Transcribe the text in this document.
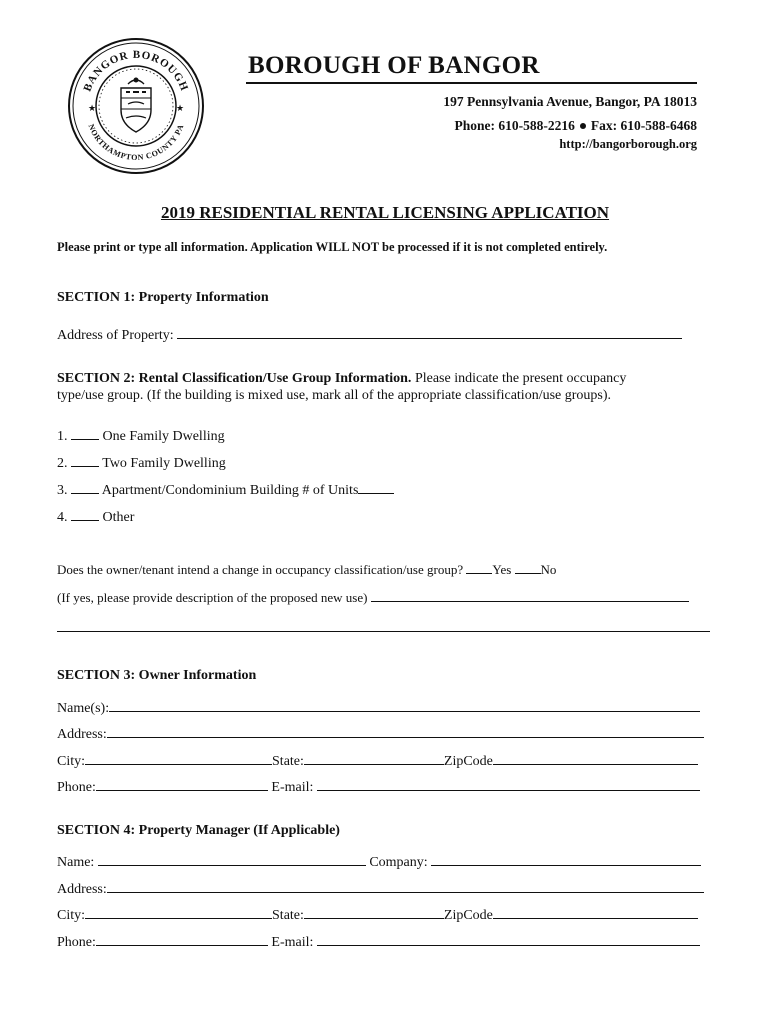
BANGOR BOROUGH
NORTHAMPTON COUNTY PA
★	★
BOROUGH OF BANGOR
197 Pennsylvania Avenue, Bangor, PA 18013
Phone: 610-588-2216 Fax: 610-588-6468
http://bangorborough.org
2019 RESIDENTIAL RENTAL LICENSING APPLICATION
Please print or type all information. Application WILL NOT be processed if it is not completed entirely.
SECTION 1: Property Information
Address of Property:
SECTION 2: Rental Classification/Use Group Information. Please indicate the present occupancy
type/use group. (If the building is mixed use, mark all of the appropriate classification/use groups).
1.	One Family Dwelling
2. Two Family Dwelling
3. Apartment/Condominium Building # of Units
4.	Other
Does the owner/tenant intend a change in occupancy classification/use group? Yes No
(If yes, please provide description of the proposed new use)
SECTION 3: Owner Information
Name(s):
Address:
City:	State:	ZipCode
Phone:	E-mail:
SECTION 4: Property Manager (If Applicable)
Name:	Company:
Address:
City:	State:	ZipCode
Phone:	E-mail:
